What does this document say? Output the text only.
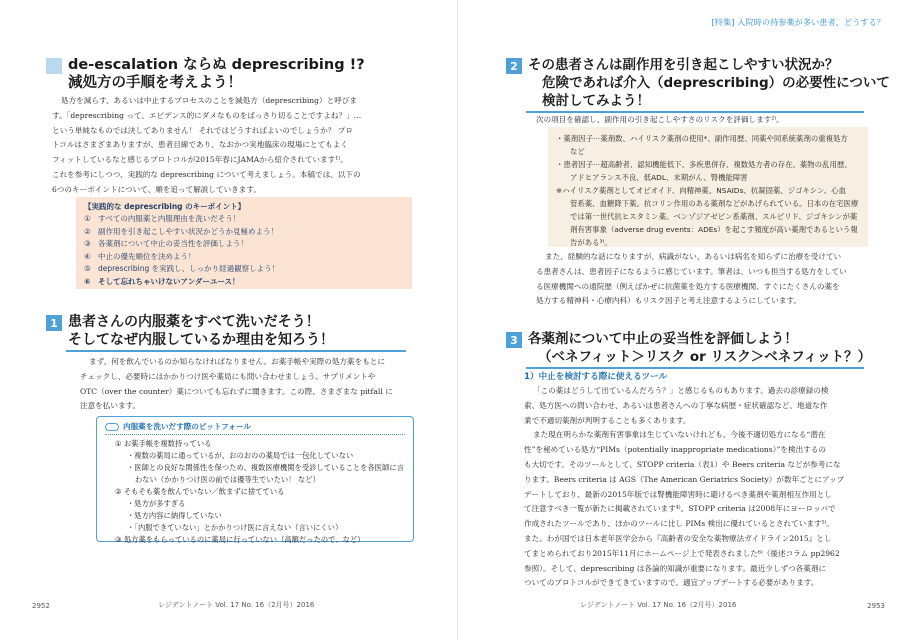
de-escalation ならぬ deprescribing !?
減処方の手順を考えよう！
処方を減らす、あるいは中止するプロセスのことを減処方（deprescribing）と呼びま
す。「deprescribing って、エビデンス的にダメなものをばっさり切ることですよね？」…
という単純なものでは決してありません！ それではどうすればよいのでしょうか？ プロ
トコルはさまざまありますが、患者目線であり、なおかつ実地臨床の現場にとてもよく
フィットしているなと感じるプロトコルが2015年春にJAMAから紹介されています¹⁾。
これを参考にしつつ、実践的な deprescribing について考えましょう。本稿では、以下の
6つのキーポイントについて、順を追って解説していきます。
【実践的な deprescribing のキーポイント】
① すべての内服薬と内服理由を洗いだそう！
② 副作用を引き起こしやすい状況かどうか見極めよう！
③ 各薬剤について中止の妥当性を評価しよう！
④ 中止の優先順位を決めよう！
⑤ deprescribing を実践し、しっかり経過観察しよう！
⑥ そして忘れちゃいけないアンダーユース！
1 患者さんの内服薬をすべて洗いだそう！
そしてなぜ内服しているか理由を知ろう！
まず、何を飲んでいるのか知らなければなりません。お薬手帳や実際の処方薬をもとに
チェックし、必要時にはかかりつけ医や薬局にも問い合わせましょう。サプリメントや
OTC（over the counter）薬についても忘れずに聞きます。この際、さまざまな pitfall に
注意を払います。
内服薬を洗いだす際のピットフォール
① お薬手帳を複数持っている
・複数の薬局に通っているが、おのおのの薬局では一包化していない
・医師との良好な関係性を保つため、複数医療機関を受診していることを各医師に言
わない（かかりつけ医の前では優等生でいたい！ など）
② そもそも薬を飲んでいない／飲まずに捨てている
・処方が多すぎる
・処方内容に納得していない
・「内服できていない」とかかりつけ医に言えない（言いにくい）
③ 処方薬をもらっているのに薬局に行っていない（高額だったので、など）
2952	レジデントノート Vol. 17 No. 16（2月号）2016
[特集] 入院時の持参薬が多い患者、どうする？
2 その患者さんは副作用を引き起こしやすい状況か？
危険であれば介入（deprescribing）の必要性について
検討してみよう！
次の項目を確認し、副作用の引き起こしやすさのリスクを評価します²⁾。
・薬剤因子⋯薬剤数、ハイリスク薬剤の使用*、副作用歴、同薬や同系統薬剤の重複処方
など
・患者因子⋯超高齢者、認知機能低下、多疾患併存、複数処方者の存在、薬物の乱用歴、
アドヒアランス不良、低ADL、末期がん、腎機能障害
※ハイリスク薬剤としてオピオイド、向精神薬、NSAIDs、抗凝固薬、ジゴキシン、心血
管系薬、血糖降下薬。抗コリン作用のある薬剤などがあげられている。日本の在宅医療
では第一世代抗ヒスタミン薬、ベンゾジアゼピン系薬剤、スルピリド、ジゴキシンが薬
剤有害事象（adverse drug events：ADEs）を起こす頻度が高い薬剤であるという報
告がある³⁾。
また、経験的な話になりますが、病識がない、あるいは病名を知らずに治療を受けてい
る患者さんは、患者因子になるように感じています。筆者は、いつも担当する処方をしてい
る医療機関への通院歴（例えばかぜに抗菌薬を処方する医療機関、すぐにたくさんの薬を
処方する精神科・心療内科）もリスク因子と考え注意するようにしています。
3 各薬剤について中止の妥当性を評価しよう！
（ベネフィット＞リスク or リスク＞ベネフィット？）
1）中止を検討する際に使えるツール
「この薬はどうして出ているんだろう？」と感じるものもあります。過去の診療録の検
索、処方医への問い合わせ、あるいは患者さんへの丁寧な病歴・症状確認など、地道な作
業で不適切薬剤が判明することも多くあります。
また現在明らかな薬剤有害事象は生じていないけれども、今後不適切処方になる“潜在
性”を秘めている処方“PIMs（potentially inappropriate medications）”を検出するの
も大切です。そのツールとして、STOPP criteria（表1）や Beers criteria などが参考にな
ります。Beers criteria は AGS（The American Geriatrics Society）が数年ごとにアップ
デートしており、最新の2015年版では腎機能障害時に避けるべき薬剤や薬剤相互作用とし
て注意すべき一覧が新たに掲載されています⁴⁾。STOPP criteria は2008年にヨーロッパで
作成されたツールであり、ほかのツールに比し PIMs 検出に優れているとされています⁵⁾。
また、わが国では日本老年医学会から『高齢者の安全な薬物療法ガイドライン2015』とし
てまとめられており2015年11月にホームページ上で発表されました⁶⁾（後述コラム pp2962
参照）。そして、deprescribing は各論的知識が重要になります。最近少しずつ各薬剤に
ついてのプロトコルができてきていますので、適宜アップデートする必要があります。
レジデントノート Vol. 17 No. 16（2月号）2016	2953
